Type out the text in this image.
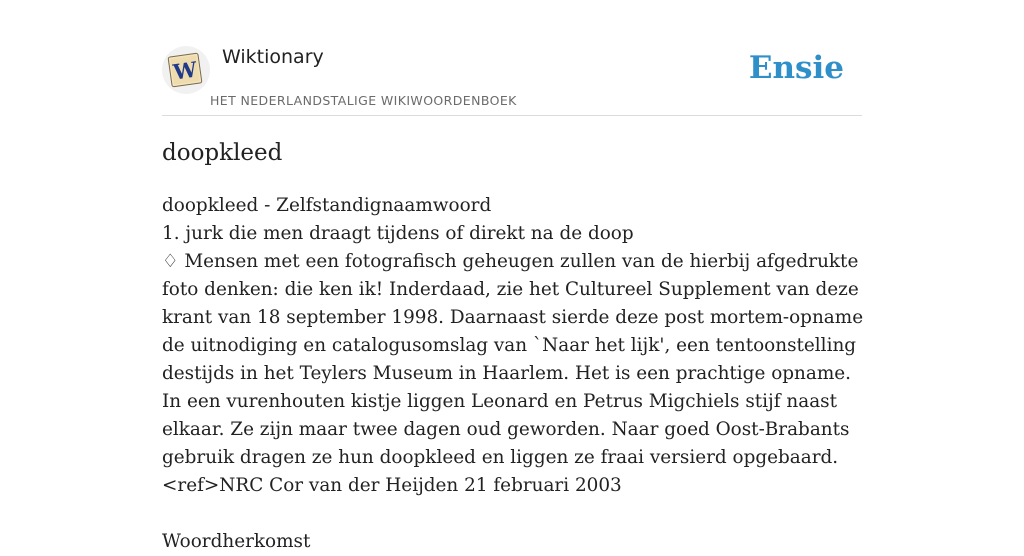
W Wiktionary
HET NEDERLANDSTALIGE WIKIWOORDENBOEK
Ensie
doopkleed

doopkleed - Zelfstandignaamwoord

1. jurk die men draagt tijdens of direkt na de doop

♢ Mensen met een fotografisch geheugen zullen van de hierbij afgedrukte foto denken: die ken ik! Inderdaad, zie het Cultureel Supplement van deze krant van 18 september 1998. Daarnaast sierde deze post mortem-opname de uitnodiging en catalogusomslag van `Naar het lijk', een tentoonstelling destijds in het Teylers Museum in Haarlem. Het is een prachtige opname. In een vurenhouten kistje liggen Leonard en Petrus Migchiels stijf naast elkaar. Ze zijn maar twee dagen oud geworden. Naar goed Oost-Brabants gebruik dragen ze hun doopkleed en liggen ze fraai versierd opgebaard.<ref>NRC Cor van der Heijden 21 februari 2003

Woordherkomst
